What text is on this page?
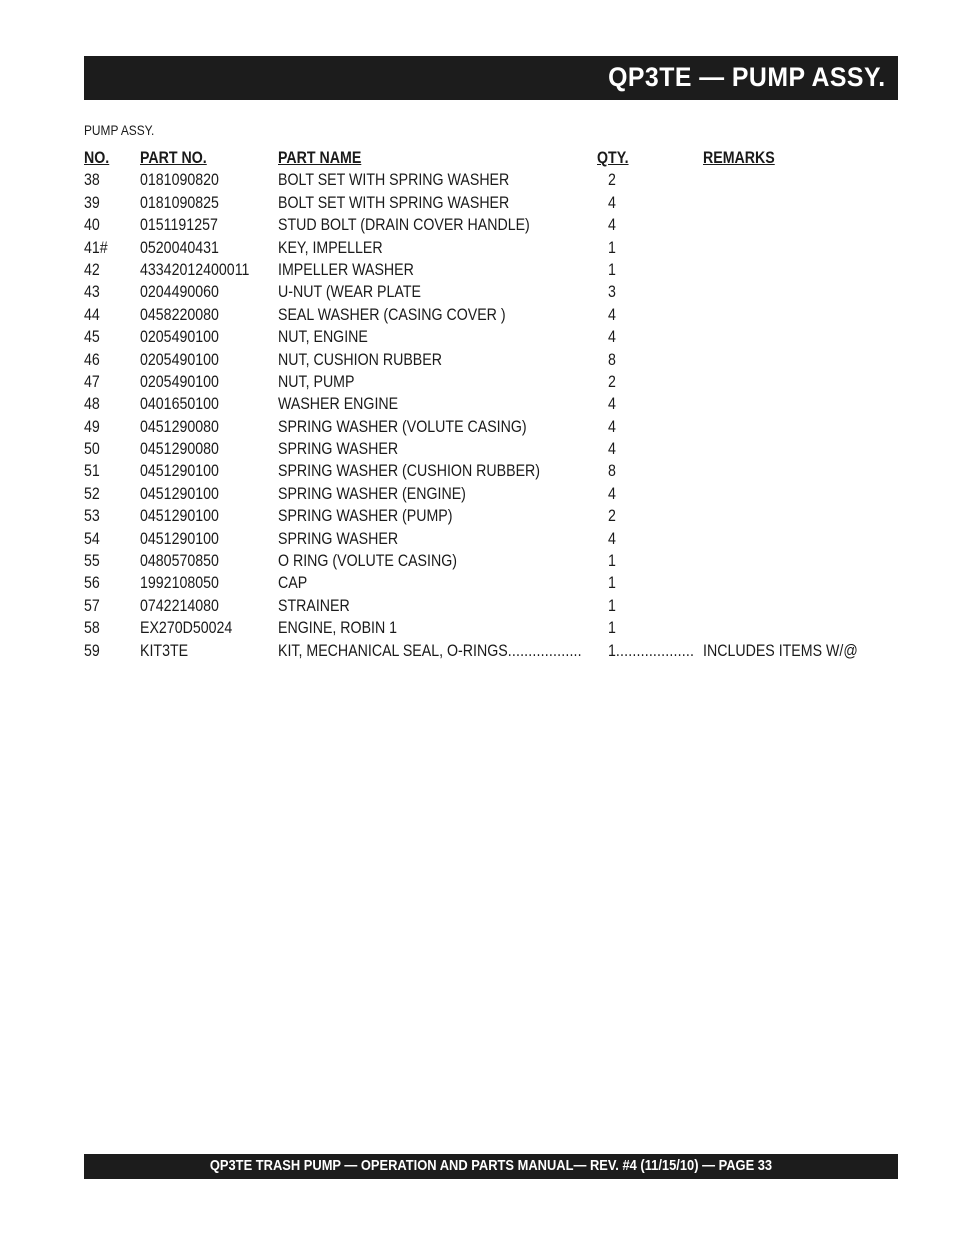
QP3TE — PUMP ASSY.
PUMP ASSY.
NO. PART NO.	PART NAME	QTY.	REMARKS
38 0181090820	BOLT SET WITH SPRING WASHER	2
39 0181090825	BOLT SET WITH SPRING WASHER	4
40 0151191257	STUD BOLT (DRAIN COVER HANDLE)	4
41# 0520040431	KEY, IMPELLER	1
42 43342012400011 IMPELLER WASHER	1
43 0204490060	U-NUT (WEAR PLATE	3
44 0458220080	SEAL WASHER (CASING COVER )	4
45 0205490100	NUT, ENGINE	4
46 0205490100	NUT, CUSHION RUBBER	8
47 0205490100	NUT, PUMP	2
48 0401650100	WASHER ENGINE	4
49 0451290080	SPRING WASHER (VOLUTE CASING)	4
50 0451290080	SPRING WASHER	4
51 0451290100	SPRING WASHER (CUSHION RUBBER)	8
52 0451290100	SPRING WASHER (ENGINE)	4
53 0451290100	SPRING WASHER (PUMP)	2
54 0451290100	SPRING WASHER	4
55 0480570850	O RING (VOLUTE CASING)	1
56 1992108050	CAP	1
57 0742214080	STRAINER	1
58 EX270D50024	ENGINE, ROBIN 1	1
59 KIT3TE	KIT, MECHANICAL SEAL, O-RINGS.................. 1................... INCLUDES ITEMS W/@
QP3TE TRASH PUMP — OPERATION AND PARTS MANUAL— REV. #4 (11/15/10) — PAGE 33
